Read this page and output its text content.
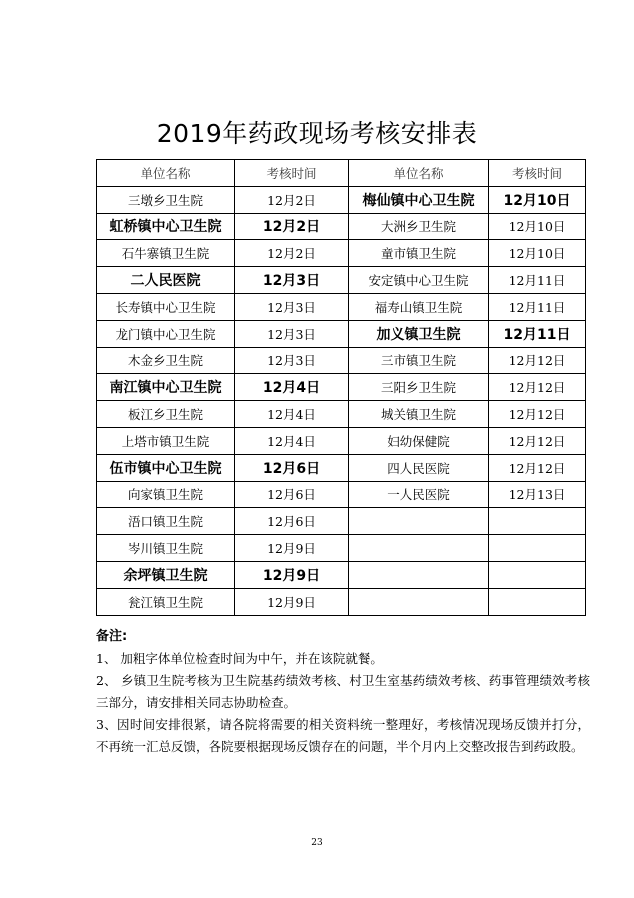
2019年药政现场考核安排表
单位名称	考核时间	单位名称	考核时间
三墩乡卫生院	12月2日	梅仙镇中心卫生院	12月10日
虹桥镇中心卫生院	12月2日	大洲乡卫生院	12月10日
石牛寨镇卫生院	12月2日	童市镇卫生院	12月10日
二人民医院	12月3日	安定镇中心卫生院	12月11日
长寿镇中心卫生院	12月3日	福寿山镇卫生院	12月11日
龙门镇中心卫生院	12月3日	加义镇卫生院	12月11日
木金乡卫生院	12月3日	三市镇卫生院	12月12日
南江镇中心卫生院	12月4日	三阳乡卫生院	12月12日
板江乡卫生院	12月4日	城关镇卫生院	12月12日
上塔市镇卫生院	12月4日	妇幼保健院	12月12日
伍市镇中心卫生院	12月6日	四人民医院	12月12日
向家镇卫生院	12月6日	一人民医院	12月13日
浯口镇卫生院	12月6日		
岑川镇卫生院	12月9日		
余坪镇卫生院	12月9日		
瓮江镇卫生院	12月9日		
备注:

1、 加粗字体单位检查时间为中午，并在该院就餐。

2、 乡镇卫生院考核为卫生院基药绩效考核、村卫生室基药绩效考核、药事管理绩效考核三部分，请安排相关同志协助检查。

3、因时间安排很紧，请各院将需要的相关资料统一整理好，考核情况现场反馈并打分，不再统一汇总反馈，各院要根据现场反馈存在的问题，半个月内上交整改报告到药政股。

23
